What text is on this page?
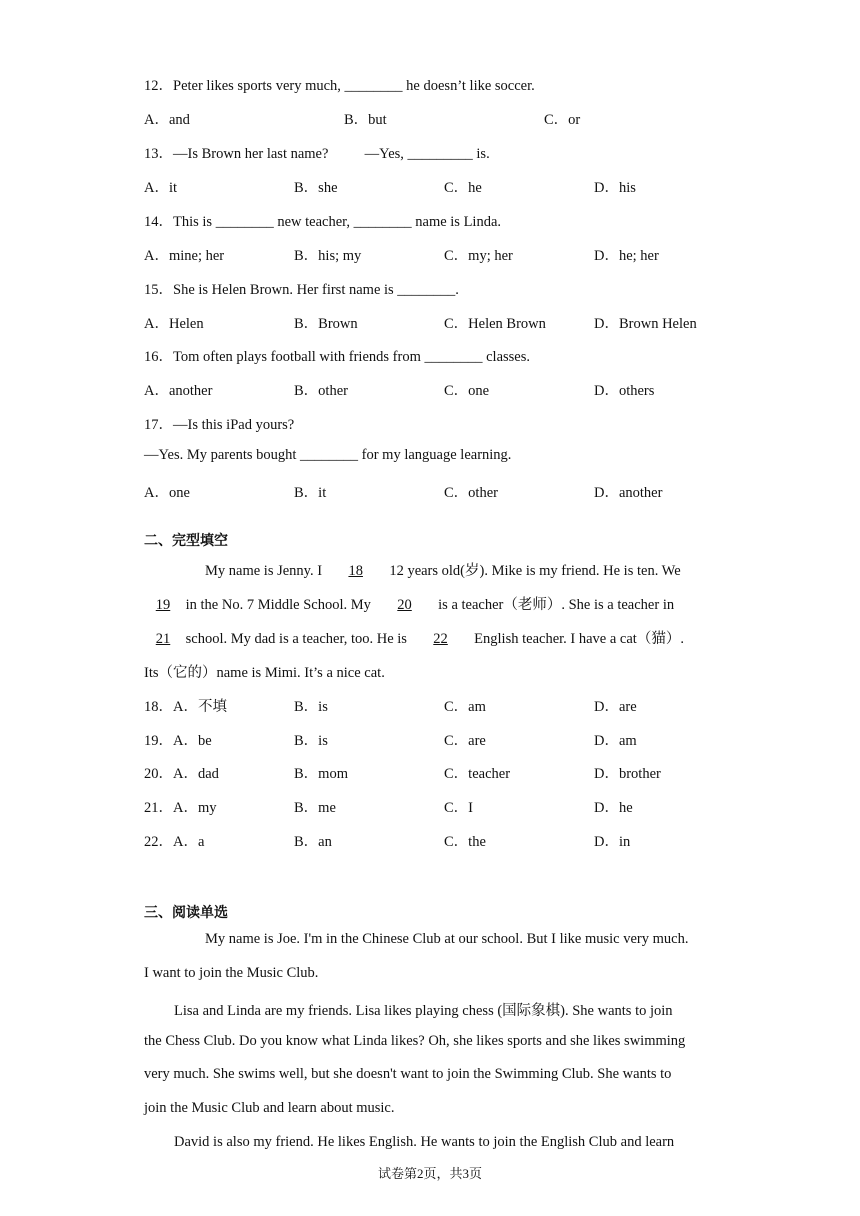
12．Peter likes sports very much, ________ he doesn’t like soccer.
A．and	B．but	C．or
13．—Is Brown her last name?          —Yes, _________ is.
A．it	B．she	C．he	D．his
14．This is ________ new teacher, ________ name is Linda.
A．mine; her	B．his; my	C．my; her	D．he; her
15．She is Helen Brown. Her first name is ________.
A．Helen	B．Brown	C．Helen Brown	D．Brown Helen
16．Tom often plays football with friends from ________ classes.
A．another	B．other	C．one	D．others
17．—Is this iPad yours?
—Yes. My parents bought ________ for my language learning.
A．one	B．it	C．other	D．another
二、完型填空
My name is Jenny. I 18 12 years old(岁). Mike is my friend. He is ten. We
19 in the No. 7 Middle School. My 20 is a teacher（老师）. She is a teacher in
21 school. My dad is a teacher, too. He is 22 English teacher. I have a cat（猫）.
Its（它的）name is Mimi. It’s a nice cat.
18．A．不填	B．is	C．am	D．are
19．A．be	B．is	C．are	D．am
20．A．dad	B．mom	C．teacher	D．brother
21．A．my	B．me	C．I	D．he
22．A．a	B．an	C．the	D．in
三、阅读单选
My name is Joe. I'm in the Chinese Club at our school. But I like music very much.
I want to join the Music Club.
Lisa and Linda are my friends. Lisa likes playing chess (国际象棋). She wants to join
the Chess Club. Do you know what Linda likes? Oh, she likes sports and she likes swimming
very much. She swims well, but she doesn't want to join the Swimming Club. She wants to
join the Music Club and learn about music.
David is also my friend. He likes English. He wants to join the English Club and learn
试卷第2页，共3页
